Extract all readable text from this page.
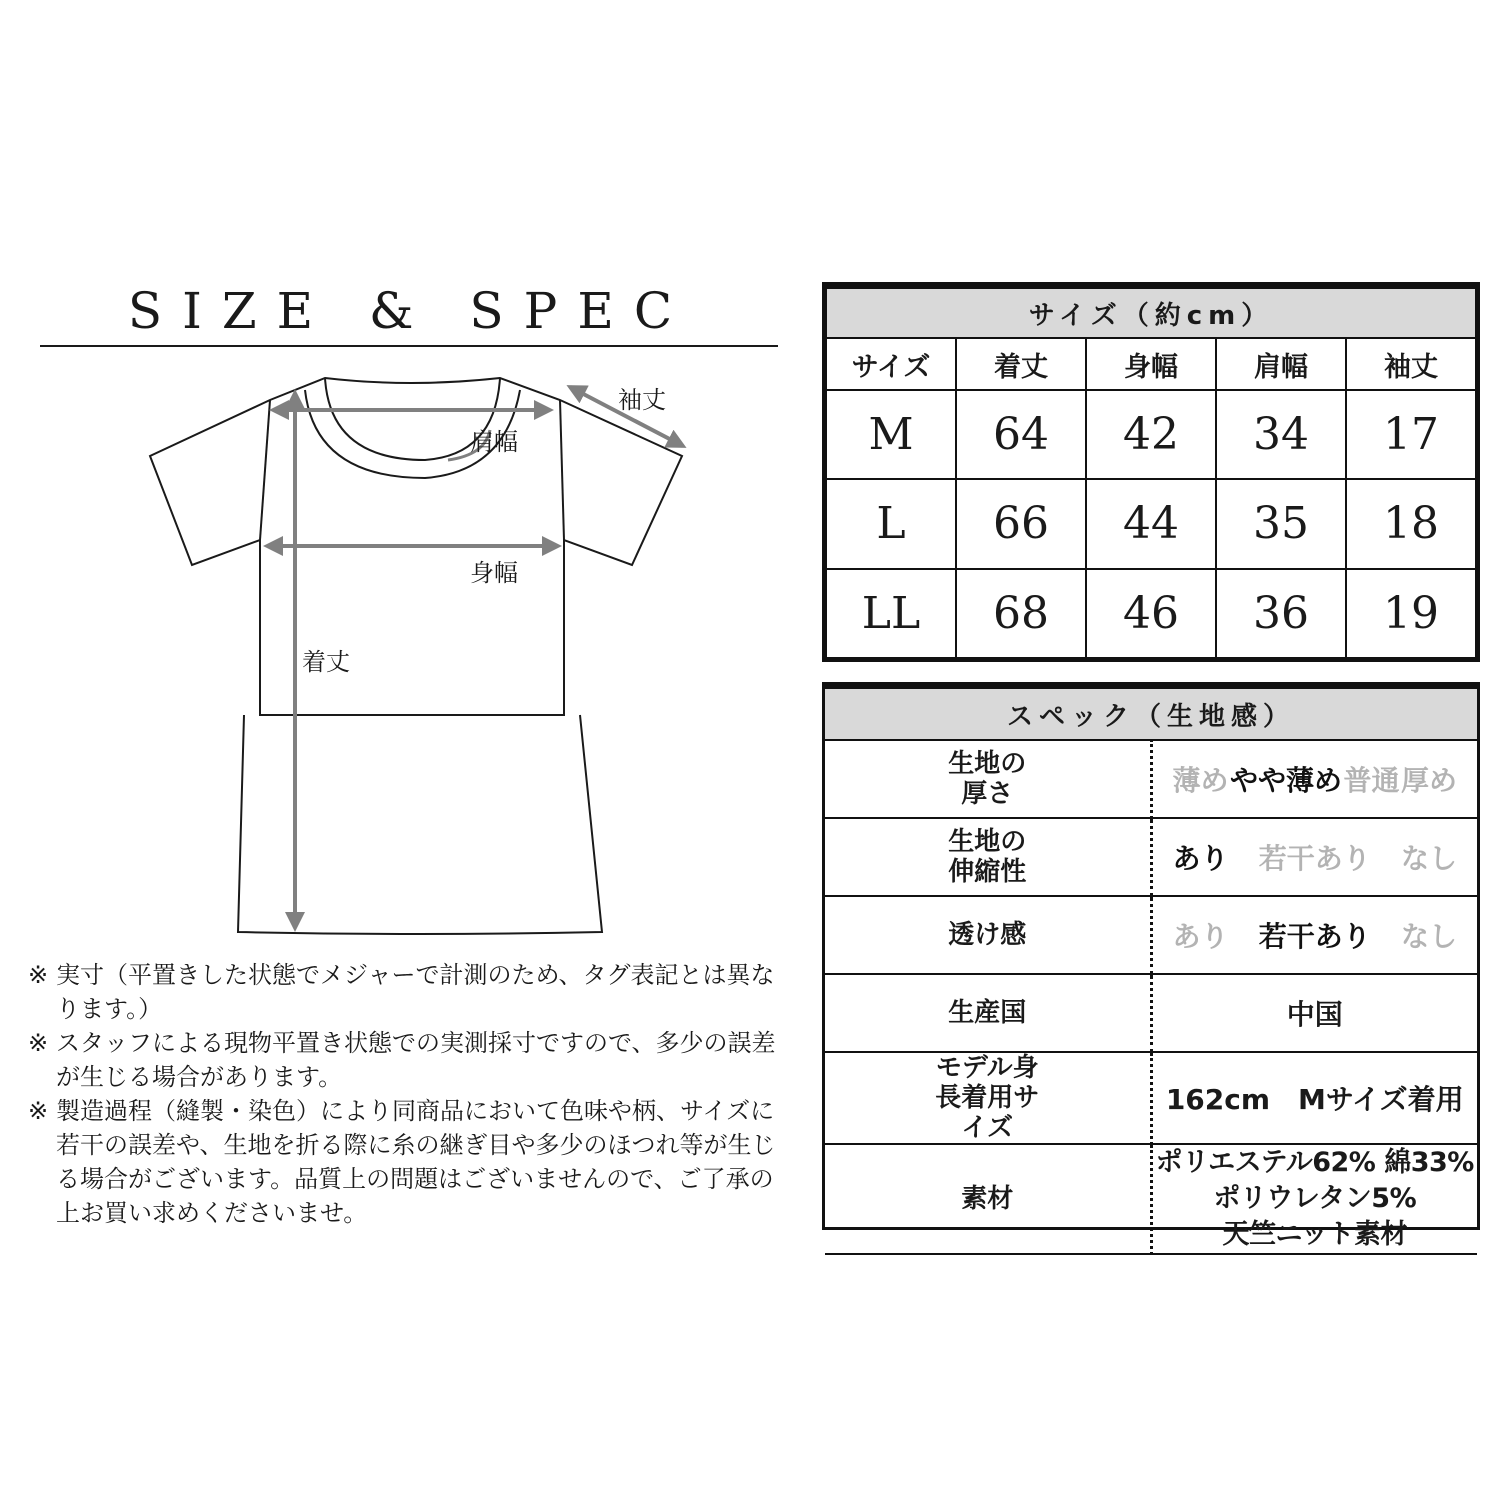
SIZE & SPEC
袖丈
肩幅
身幅
着丈

※ 実寸（平置きした状態でメジャーで計測のため、タグ表記とは異なります。）

※ スタッフによる現物平置き状態での実測採寸ですので、多少の誤差が生じる場合があります。

※ 製造過程（縫製・染色）により同商品において色味や柄、サイズに若干の誤差や、生地を折る際に糸の継ぎ目や多少のほつれ等が生じる場合がございます。品質上の問題はございませんので、ご了承の上お買い求めくださいませ。

サイズ（約cm）				
サイズ	着丈	身幅	肩幅	袖丈
M	64	42	34	17
L	66	44	35	18
LL	68	46	36	19
スペック（生地感）	

生地の厚さ	薄め やや薄め 普通 厚め

生地の伸縮性	あり 若干あり なし

透け感	あり 若干あり なし

生産国	中国

モデル身長着用サイズ	162cm　Mサイズ着用
素材	ポリエステル62% 綿33% ポリウレタン5%
天竺ニット素材
